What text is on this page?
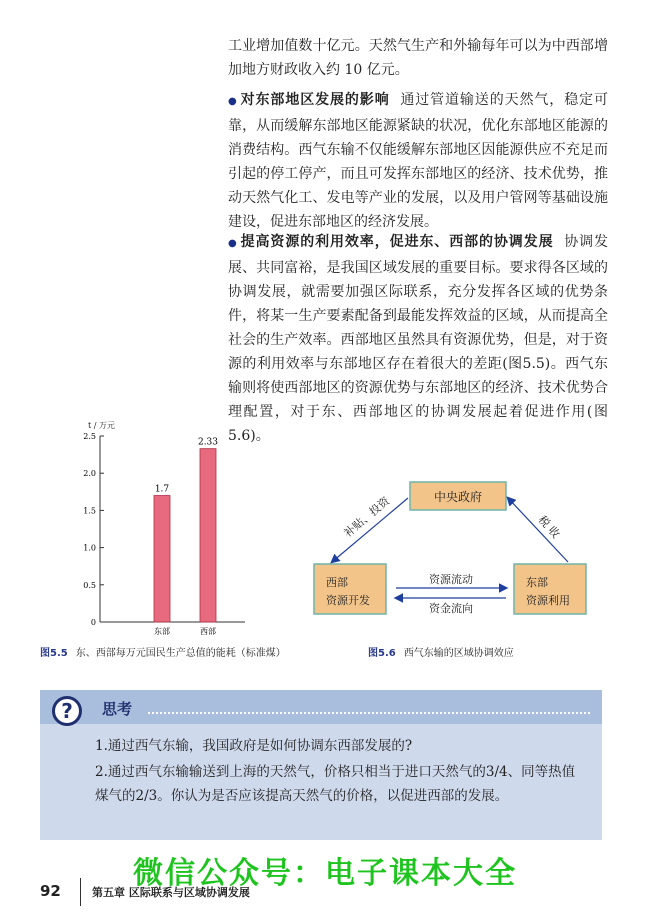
工业增加值数十亿元。天然气生产和外输每年可以为中西部增加地方财政收入约 10 亿元。

● 对东部地区发展的影响 通过管道输送的天然气，稳定可靠，从而缓解东部地区能源紧缺的状况，优化东部地区能源的消费结构。西气东输不仅能缓解东部地区因能源供应不充足而引起的停工停产，而且可发挥东部地区的经济、技术优势，推动天然气化工、发电等产业的发展，以及用户管网等基础设施建设，促进东部地区的经济发展。

● 提高资源的利用效率，促进东、西部的协调发展 协调发展、共同富裕，是我国区域发展的重要目标。要求得各区域的协调发展，就需要加强区际联系，充分发挥各区域的优势条件，将某一生产要素配备到最能发挥效益的区域，从而提高全社会的生产效率。西部地区虽然具有资源优势，但是，对于资源的利用效率与东部地区存在着很大的差距(图5.5)。西气东输则将使西部地区的资源优势与东部地区的经济、技术优势合理配置，对于东、西部地区的协调发展起着促进作用(图5.6)。

t / 万元
0
0.5
1.0
1.5
2.0
2.5
1.7
东部
2.33
西部
图5.5 东、西部每万元国民生产总值的能耗（标准煤）
中央政府
西部
资源开发
东部
资源利用
补贴、投资	税 收
资源流动
资金流向
图5.6 西气东输的区域协调效应
?	思考

1.通过西气东输，我国政府是如何协调东西部发展的?

2.通过西气东输输送到上海的天然气，价格只相当于进口天然气的3/4、同等热值煤气的2/3。你认为是否应该提高天然气的价格，以促进西部的发展。

微信公众号：电子课本大全
92	第五章 区际联系与区域协调发展
